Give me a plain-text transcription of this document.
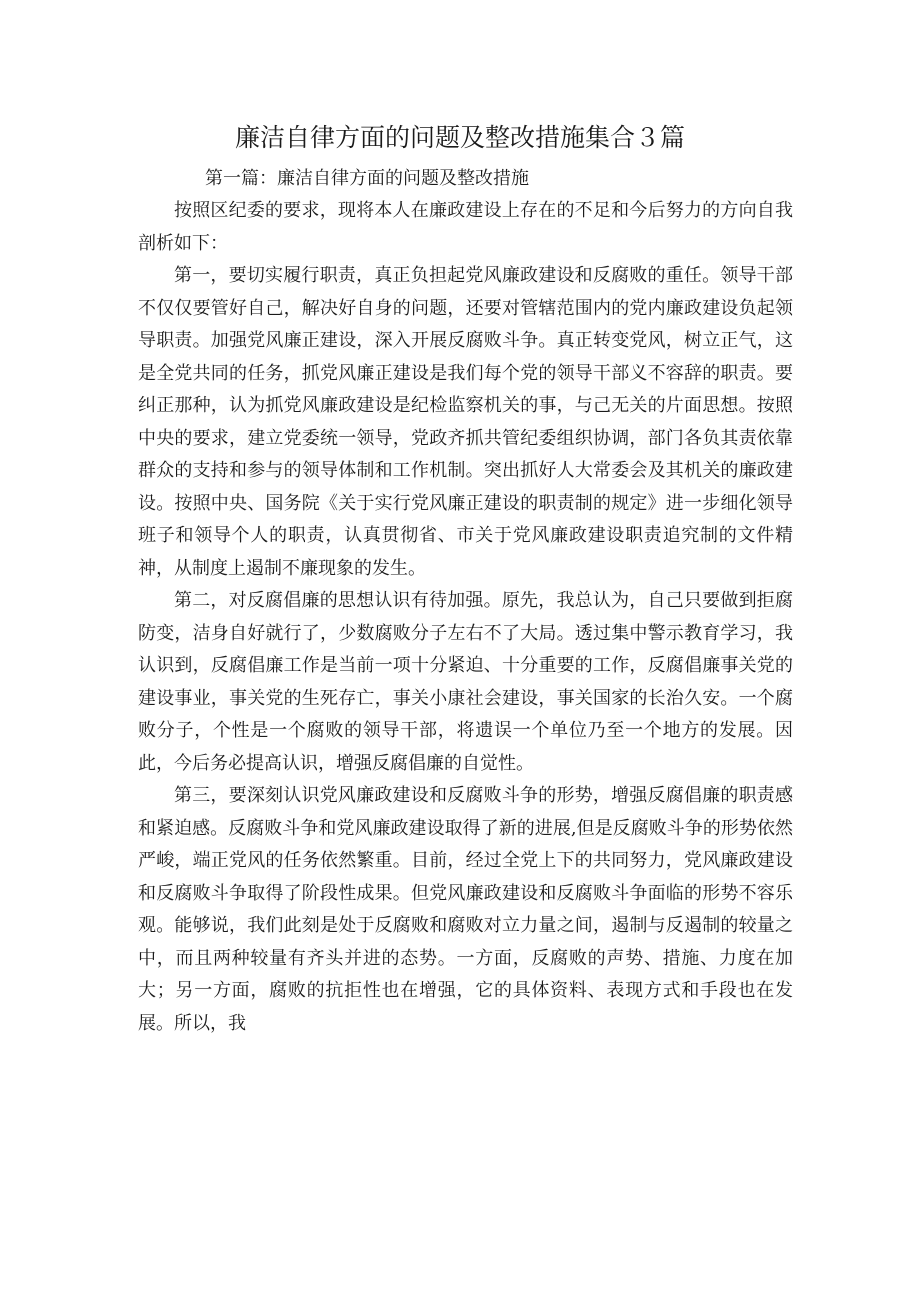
廉洁自律方面的问题及整改措施集合３篇
第一篇：廉洁自律方面的问题及整改措施

按照区纪委的要求，现将本人在廉政建设上存在的不足和今后努力的方向自我剖析如下：

第一，要切实履行职责，真正负担起党风廉政建设和反腐败的重任。领导干部不仅仅要管好自己，解决好自身的问题，还要对管辖范围内的党内廉政建设负起领导职责。加强党风廉正建设，深入开展反腐败斗争。真正转变党风，树立正气，这是全党共同的任务，抓党风廉正建设是我们每个党的领导干部义不容辞的职责。要纠正那种，认为抓党风廉政建设是纪检监察机关的事，与己无关的片面思想。按照中央的要求，建立党委统一领导，党政齐抓共管纪委组织协调，部门各负其责依靠群众的支持和参与的领导体制和工作机制。突出抓好人大常委会及其机关的廉政建设。按照中央、国务院《关于实行党风廉正建设的职责制的规定》进一步细化领导班子和领导个人的职责，认真贯彻省、市关于党风廉政建设职责追究制的文件精神，从制度上遏制不廉现象的发生。

第二，对反腐倡廉的思想认识有待加强。原先，我总认为，自己只要做到拒腐防变，洁身自好就行了，少数腐败分子左右不了大局。透过集中警示教育学习，我认识到，反腐倡廉工作是当前一项十分紧迫、十分重要的工作，反腐倡廉事关党的建设事业，事关党的生死存亡，事关小康社会建设，事关国家的长治久安。一个腐败分子，个性是一个腐败的领导干部，将遗误一个单位乃至一个地方的发展。因此，今后务必提高认识，增强反腐倡廉的自觉性。

第三，要深刻认识党风廉政建设和反腐败斗争的形势，增强反腐倡廉的职责感和紧迫感。反腐败斗争和党风廉政建设取得了新的进展,但是反腐败斗争的形势依然严峻，端正党风的任务依然繁重。目前，经过全党上下的共同努力，党风廉政建设和反腐败斗争取得了阶段性成果。但党风廉政建设和反腐败斗争面临的形势不容乐观。能够说，我们此刻是处于反腐败和腐败对立力量之间，遏制与反遏制的较量之中，而且两种较量有齐头并进的态势。一方面，反腐败的声势、措施、力度在加大；另一方面，腐败的抗拒性也在增强，它的具体资料、表现方式和手段也在发展。所以，我
